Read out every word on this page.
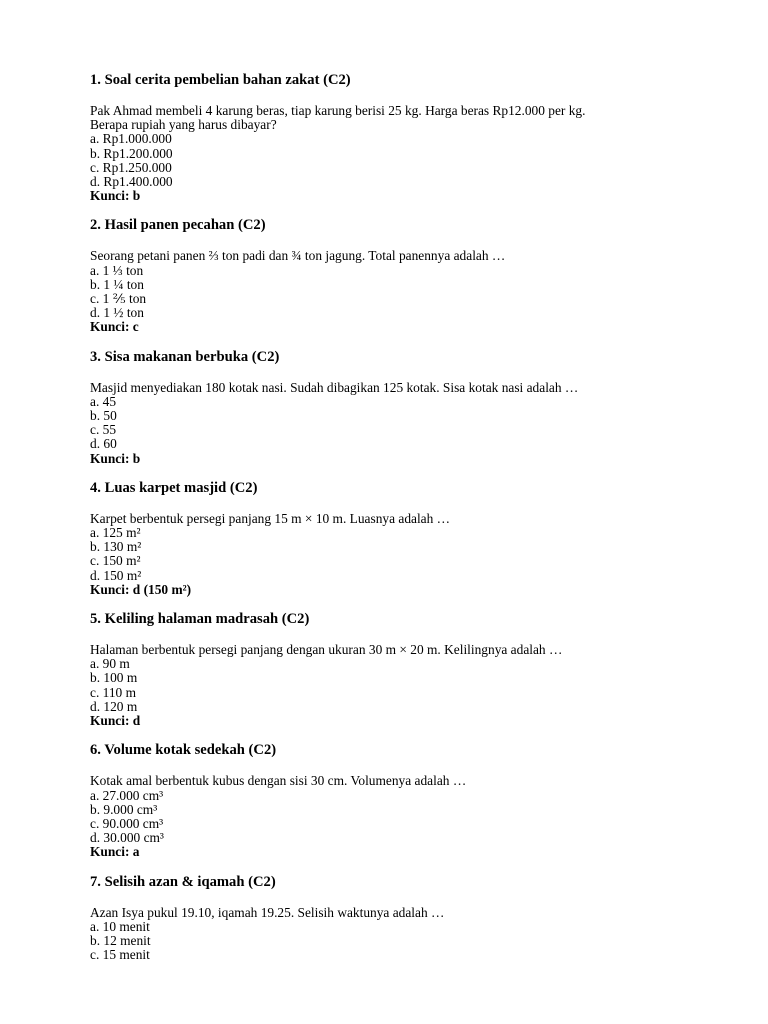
1. Soal cerita pembelian bahan zakat (C2)
Pak Ahmad membeli 4 karung beras, tiap karung berisi 25 kg. Harga beras Rp12.000 per kg.
Berapa rupiah yang harus dibayar?
a. Rp1.000.000
b. Rp1.200.000
c. Rp1.250.000
d. Rp1.400.000
Kunci: b
2. Hasil panen pecahan (C2)
Seorang petani panen ⅔ ton padi dan ¾ ton jagung. Total panennya adalah …
a. 1 ⅓ ton
b. 1 ¼ ton
c. 1 ⅖ ton
d. 1 ½ ton
Kunci: c
3. Sisa makanan berbuka (C2)
Masjid menyediakan 180 kotak nasi. Sudah dibagikan 125 kotak. Sisa kotak nasi adalah …
a. 45
b. 50
c. 55
d. 60
Kunci: b
4. Luas karpet masjid (C2)
Karpet berbentuk persegi panjang 15 m × 10 m. Luasnya adalah …
a. 125 m²
b. 130 m²
c. 150 m²
d. 150 m²
Kunci: d (150 m²)
5. Keliling halaman madrasah (C2)
Halaman berbentuk persegi panjang dengan ukuran 30 m × 20 m. Kelilingnya adalah …
a. 90 m
b. 100 m
c. 110 m
d. 120 m
Kunci: d
6. Volume kotak sedekah (C2)
Kotak amal berbentuk kubus dengan sisi 30 cm. Volumenya adalah …
a. 27.000 cm³
b. 9.000 cm³
c. 90.000 cm³
d. 30.000 cm³
Kunci: a
7. Selisih azan & iqamah (C2)
Azan Isya pukul 19.10, iqamah 19.25. Selisih waktunya adalah …
a. 10 menit
b. 12 menit
c. 15 menit
